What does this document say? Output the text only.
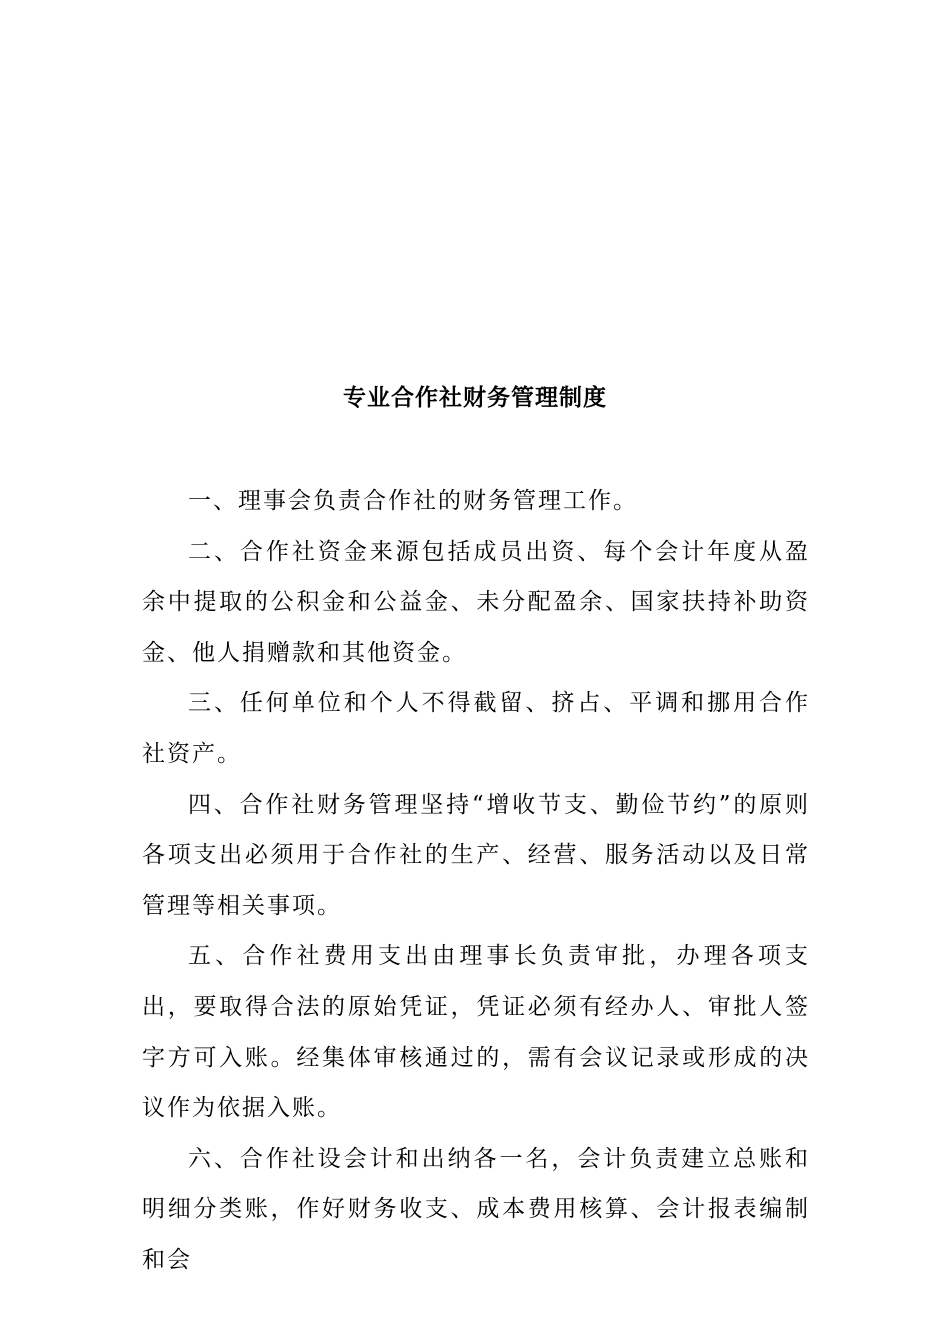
专业合作社财务管理制度

一、理事会负责合作社的财务管理工作。

二、合作社资金来源包括成员出资、每个会计年度从盈余中提取的公积金和公益金、未分配盈余、国家扶持补助资金、他人捐赠款和其他资金。

三、任何单位和个人不得截留、挤占、平调和挪用合作社资产。

四、合作社财务管理坚持“增收节支、勤俭节约”的原则各项支出必须用于合作社的生产、经营、服务活动以及日常管理等相关事项。

五、合作社费用支出由理事长负责审批，办理各项支出，要取得合法的原始凭证，凭证必须有经办人、审批人签字方可入账。经集体审核通过的，需有会议记录或形成的决议作为依据入账。

六、合作社设会计和出纳各一名，会计负责建立总账和明细分类账，作好财务收支、成本费用核算、会计报表编制和会
